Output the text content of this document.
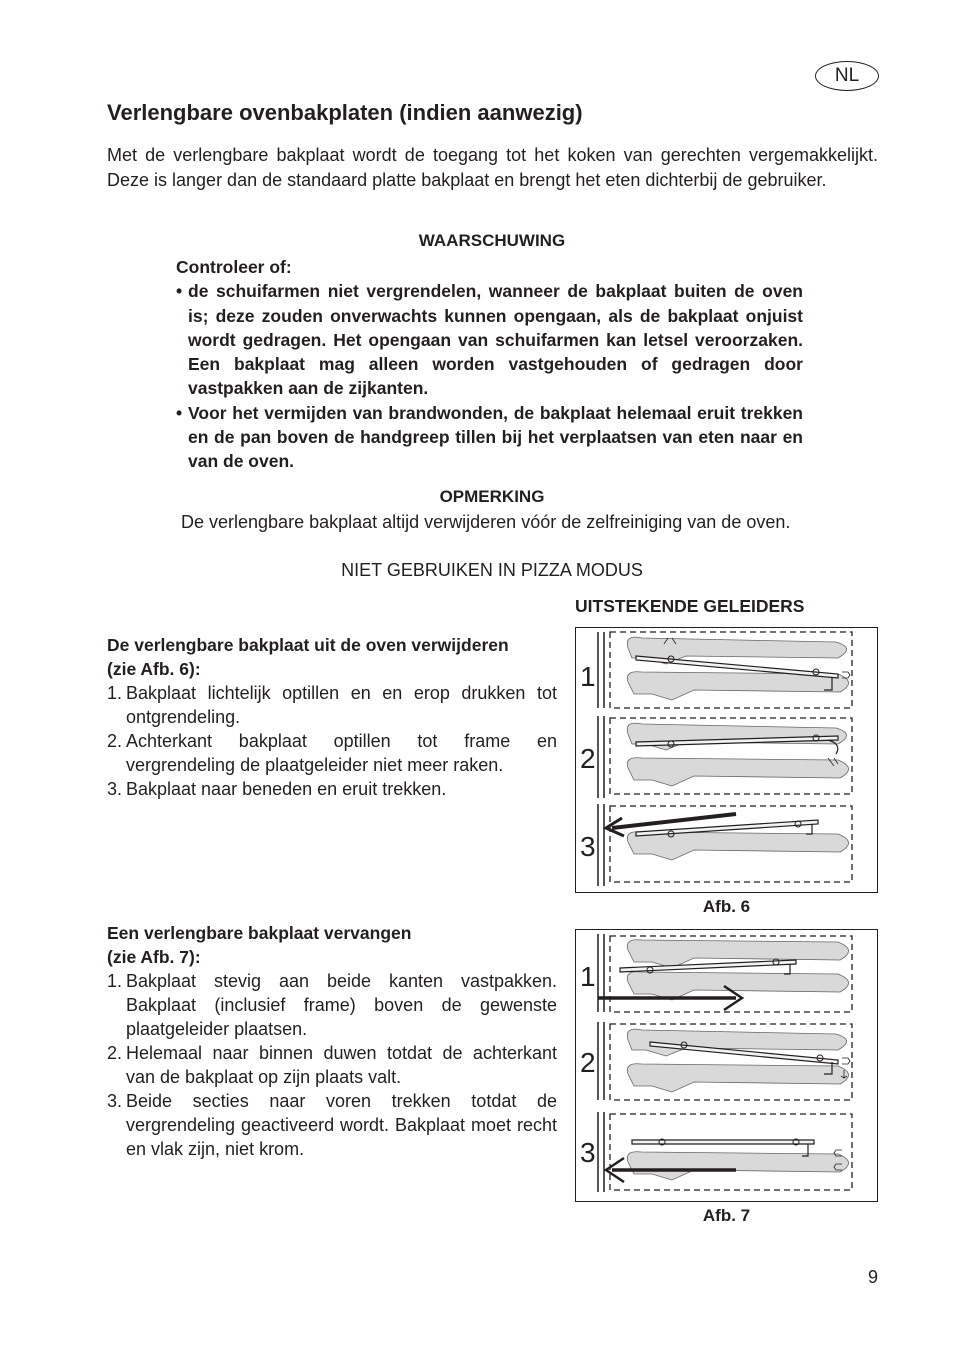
NL
Verlengbare ovenbakplaten (indien aanwezig)
Met de verlengbare bakplaat wordt de toegang tot het koken van gerechten vergemakkelijkt. Deze is langer dan de standaard platte bakplaat en brengt het eten dichterbij de gebruiker.
WAARSCHUWING
Controleer of:
• de schuifarmen niet vergrendelen, wanneer de bakplaat buiten de oven is; deze zouden onverwachts kunnen opengaan, als de bakplaat onjuist wordt gedragen. Het opengaan van schuifarmen kan letsel veroorzaken. Een bakplaat mag alleen worden vastgehouden of gedragen door vastpakken aan de zijkanten.
• Voor het vermijden van brandwonden, de bakplaat helemaal eruit trekken en de pan boven de handgreep tillen bij het verplaatsen van eten naar en van de oven.
OPMERKING
De verlengbare bakplaat altijd verwijderen vóór de zelfreiniging van de oven.
NIET GEBRUIKEN IN PIZZA MODUS
UITSTEKENDE GELEIDERS
De verlengbare bakplaat uit de oven verwijderen
(zie Afb. 6):
1. Bakplaat lichtelijk optillen en en erop drukken tot ontgrendeling.
2. Achterkant bakplaat optillen tot frame en vergrendeling de plaatgeleider niet meer raken.
3. Bakplaat naar beneden en eruit trekken.
Een verlengbare bakplaat vervangen
(zie Afb. 7):
1. Bakplaat stevig aan beide kanten vastpakken. Bakplaat (inclusief frame) boven de gewenste plaatgeleider plaatsen.
2. Helemaal naar binnen duwen totdat de achterkant van de bakplaat op zijn plaats valt.
3. Beide secties naar voren trekken totdat de vergrendeling geactiveerd wordt. Bakplaat moet recht en vlak zijn, niet krom.
1
2
3
Afb. 6
1
2
3
Afb. 7
9
